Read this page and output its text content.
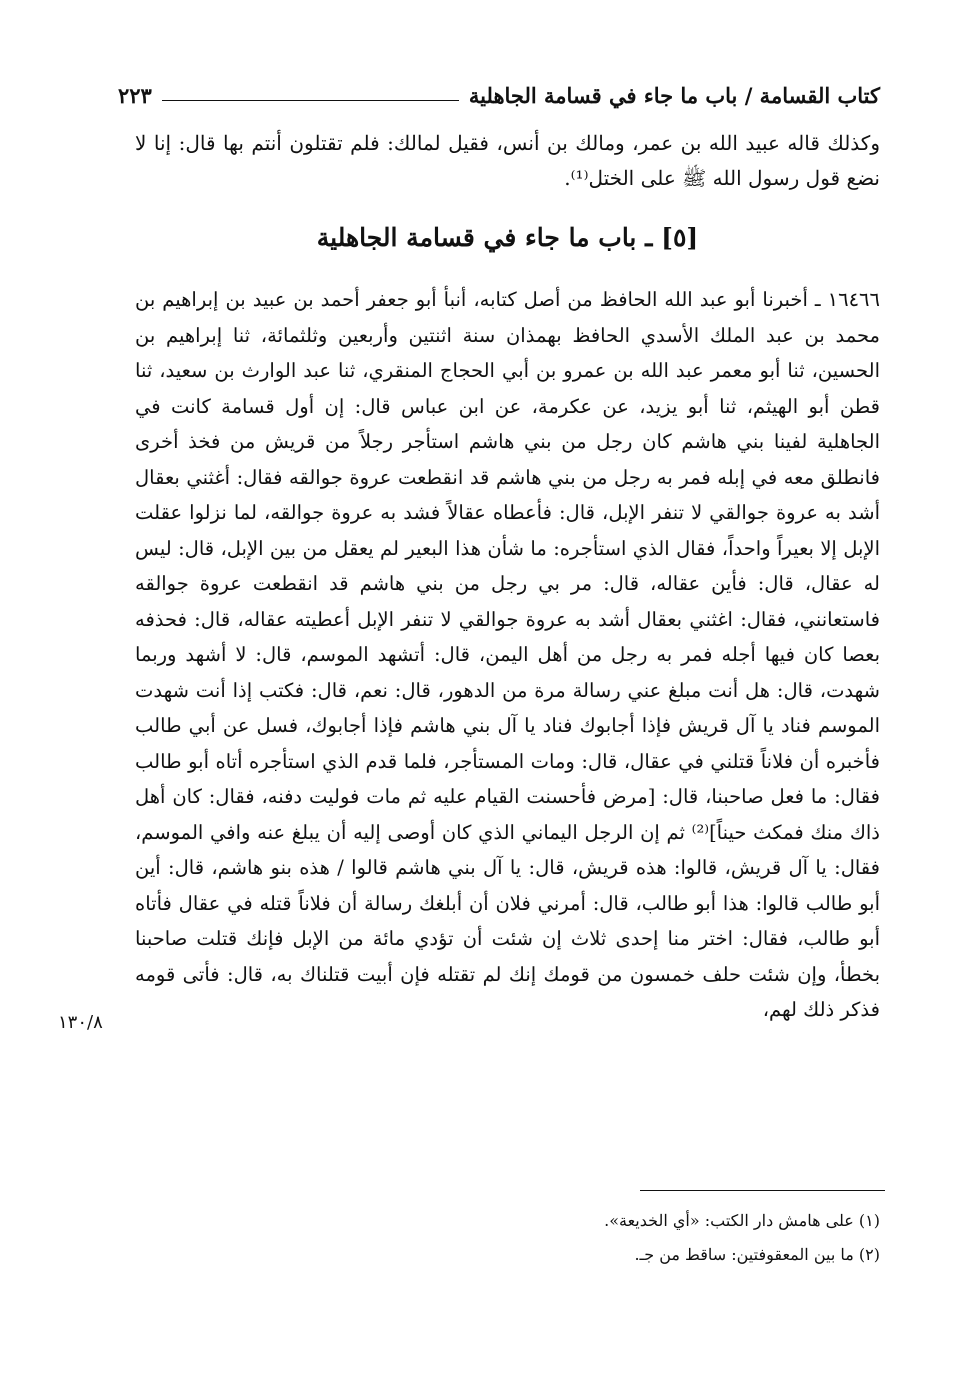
كتاب القسامة / باب ما جاء في قسامة الجاهلية
٢٢٣

وكذلك قاله عبيد الله بن عمر، ومالك بن أنس، فقيل لمالك: فلم تقتلون أنتم بها قال: إنا لا نضع قول رسول الله ﷺ على الختل⁽¹⁾.

[٥] ـ باب ما جاء في قسامة الجاهلية

١٦٤٦٦ ـ أخبرنا أبو عبد الله الحافظ من أصل كتابه، أنبأ أبو جعفر أحمد بن عبيد بن إبراهيم بن محمد بن عبد الملك الأسدي الحافظ بهمذان سنة اثنتين وأربعين وثلثمائة، ثنا إبراهيم بن الحسين، ثنا أبو معمر عبد الله بن عمرو بن أبي الحجاج المنقري، ثنا عبد الوارث بن سعيد، ثنا قطن أبو الهيثم، ثنا أبو يزيد، عن عكرمة، عن ابن عباس قال: إن أول قسامة كانت في الجاهلية لفينا بني هاشم كان رجل من بني هاشم استأجر رجلاً من قريش من فخذ أخرى فانطلق معه في إبله فمر به رجل من بني هاشم قد انقطعت عروة جوالقه فقال: أغثني بعقال أشد به عروة جوالقي لا تنفر الإبل، قال: فأعطاه عقالاً فشد به عروة جوالقه، لما نزلوا عقلت الإبل إلا بعيراً واحداً، فقال الذي استأجره: ما شأن هذا البعير لم يعقل من بين الإبل، قال: ليس له عقال، قال: فأين عقاله، قال: مر بي رجل من بني هاشم قد انقطعت عروة جوالقه فاستعانني، فقال: اغثني بعقال أشد به عروة جوالقي لا تنفر الإبل أعطيته عقاله، قال: فحذفه بعصا كان فيها أجله فمر به رجل من أهل اليمن، قال: أتشهد الموسم، قال: لا أشهد وربما شهدت، قال: هل أنت مبلغ عني رسالة مرة من الدهور، قال: نعم، قال: فكتب إذا أنت شهدت الموسم فناد يا آل قريش فإذا أجابوك فناد يا آل بني هاشم فإذا أجابوك، فسل عن أبي طالب فأخبره أن فلاناً قتلني في عقال، قال: ومات المستأجر، فلما قدم الذي استأجره أتاه أبو طالب فقال: ما فعل صاحبنا، قال: [مرض فأحسنت القيام عليه ثم مات فوليت دفنه، فقال: كان أهل ذاك منك فمكث حيناً]⁽²⁾ ثم إن الرجل اليماني الذي كان أوصى إليه أن يبلغ عنه وافي الموسم، فقال: يا آل قريش، قالوا: هذه قريش، قال: يا آل بني هاشم قالوا / هذه بنو هاشم، قال: أين أبو طالب قالوا: هذا أبو طالب، قال: أمرني فلان أن أبلغك رسالة أن فلاناً قتله في عقال فأتاه أبو طالب، فقال: اختر منا إحدى ثلاث إن شئت أن تؤدي مائة من الإبل فإنك قتلت صاحبنا بخطأ، وإن شئت حلف خمسون من قومك إنك لم تقتله فإن أبيت قتلناك به، قال: فأتى قومه فذكر ذلك لهم،

١٣٠/٨

(١) على هامش دار الكتب: «أي الخديعة».

(٢) ما بين المعقوفتين: ساقط من جـ.
